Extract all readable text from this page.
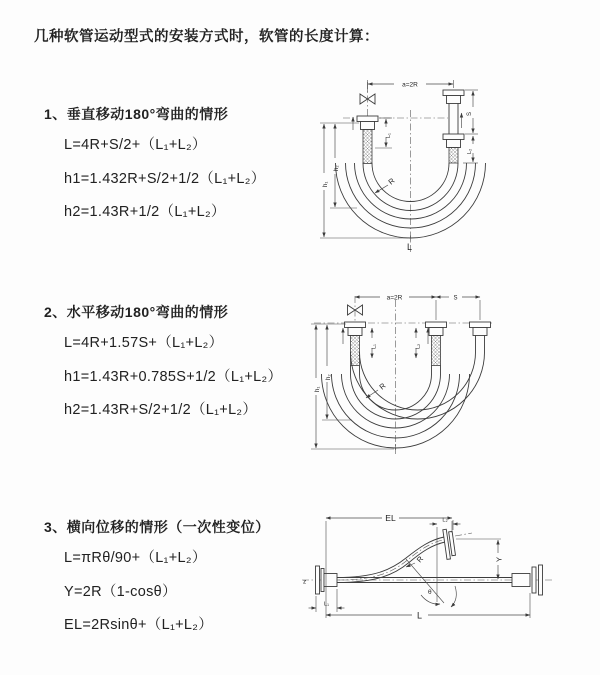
几种软管运动型式的安装方式时，软管的长度计算：
1、垂直移动180°弯曲的情形
L=4R+S/2+（L₁+L₂）
h1=1.432R+S/2+1/2（L₁+L₂）
h2=1.43R+1/2（L₁+L₂）
2、水平移动180°弯曲的情形
L=4R+1.57S+（L₁+L₂）
h1=1.43R+0.785S+1/2（L₁+L₂）
h2=1.43R+S/2+1/2（L₁+L₂）
3、横向位移的情形（一次性变位）
L=πRθ/90+（L₁+L₂）
Y=2R（1-cosθ）
EL=2Rsinθ+（L₁+L₂）
a=2R
S
L₂
L₁
h₁
h₂
R
L
a=2R	S
L₁	L₂
h₁
h₂
R
z
θ
EL	L₂
Y
L
L₁
R
